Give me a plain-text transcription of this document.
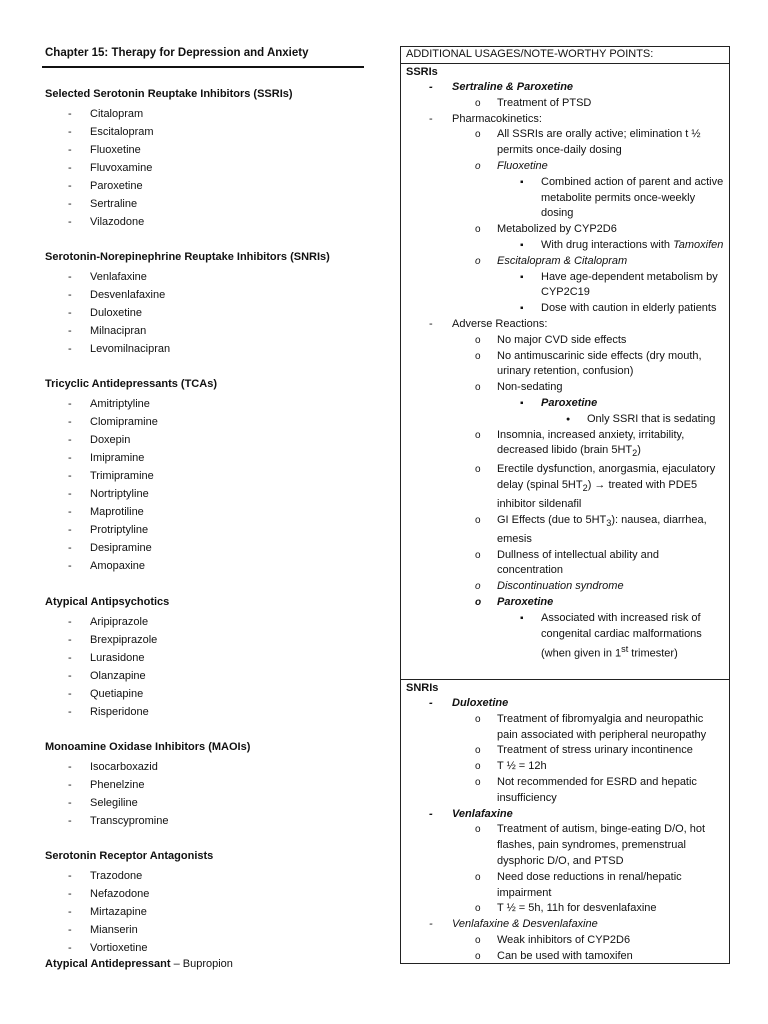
Chapter 15: Therapy for Depression and Anxiety
Selected Serotonin Reuptake Inhibitors (SSRIs)
- Citalopram
- Escitalopram
- Fluoxetine
- Fluvoxamine
- Paroxetine
- Sertraline
- Vilazodone
Serotonin-Norepinephrine Reuptake Inhibitors (SNRIs)
- Venlafaxine
- Desvenlafaxine
- Duloxetine
- Milnacipran
- Levomilnacipran
Tricyclic Antidepressants (TCAs)
- Amitriptyline
- Clomipramine
- Doxepin
- Imipramine
- Trimipramine
- Nortriptyline
- Maprotiline
- Protriptyline
- Desipramine
- Amopaxine
Atypical Antipsychotics
- Aripiprazole
- Brexpiprazole
- Lurasidone
- Olanzapine
- Quetiapine
- Risperidone
Monoamine Oxidase Inhibitors (MAOIs)
- Isocarboxazid
- Phenelzine
- Selegiline
- Transcypromine
Serotonin Receptor Antagonists
- Trazodone
- Nefazodone
- Mirtazapine
- Mianserin
- Vortioxetine
Atypical Antidepressant – Bupropion
ADDITIONAL USAGES/NOTE-WORTHY POINTS:
SSRIs
- Sertraline & Paroxetine
o Treatment of PTSD
- Pharmacokinetics:
o All SSRIs are orally active; elimination t ½ permits once-daily dosing
o Fluoxetine
▪ Combined action of parent and active metabolite permits once-weekly dosing
o Metabolized by CYP2D6
▪ With drug interactions with Tamoxifen
o Escitalopram & Citalopram
▪ Have age-dependent metabolism by CYP2C19
▪ Dose with caution in elderly patients
- Adverse Reactions:
o No major CVD side effects
o No antimuscarinic side effects (dry mouth, urinary retention, confusion)
o Non-sedating
▪ Paroxetine
● Only SSRI that is sedating
o Insomnia, increased anxiety, irritability, decreased libido (brain $5HT_2$)
o Erectile dysfunction, anorgasmia, ejaculatory delay (spinal $5HT_2$) → treated with PDE5 inhibitor sildenafil
o GI Effects (due to $5HT_3$): nausea, diarrhea, emesis
o Dullness of intellectual ability and concentration
o Discontinuation syndrome
o Paroxetine
▪ Associated with increased risk of congenital cardiac malformations (when given in 1st trimester)
SNRIs
- Duloxetine
o Treatment of fibromyalgia and neuropathic pain associated with peripheral neuropathy
o Treatment of stress urinary incontinence
o T ½ = 12h
o Not recommended for ESRD and hepatic insufficiency
- Venlafaxine
o Treatment of autism, binge-eating D/O, hot flashes, pain syndromes, premenstrual dysphoric D/O, and PTSD
o Need dose reductions in renal/hepatic impairment
o T ½ = 5h, 11h for desvenlafaxine
- Venlafaxine & Desvenlafaxine
o Weak inhibitors of CYP2D6
o Can be used with tamoxifen
